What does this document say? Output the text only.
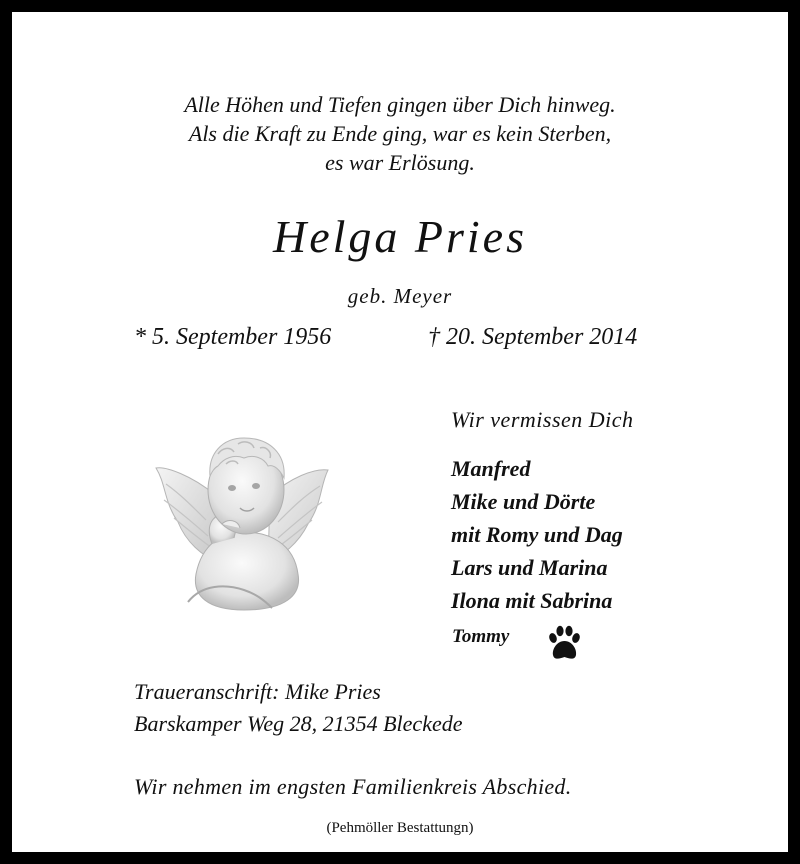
Alle Höhen und Tiefen gingen über Dich hinweg.

Als die Kraft zu Ende ging, war es kein Sterben,

es war Erlösung.

Helga Pries

geb. Meyer

* 5. September 1956	† 20. September 2014

Wir vermissen Dich

Manfred
Mike und Dörte
mit Romy und Dag
Lars und Marina
Ilona mit Sabrina
Tommy

Traueranschrift: Mike Pries

Barskamper Weg 28, 21354 Bleckede

Wir nehmen im engsten Familienkreis Abschied.

(Pehmöller Bestattungn)
